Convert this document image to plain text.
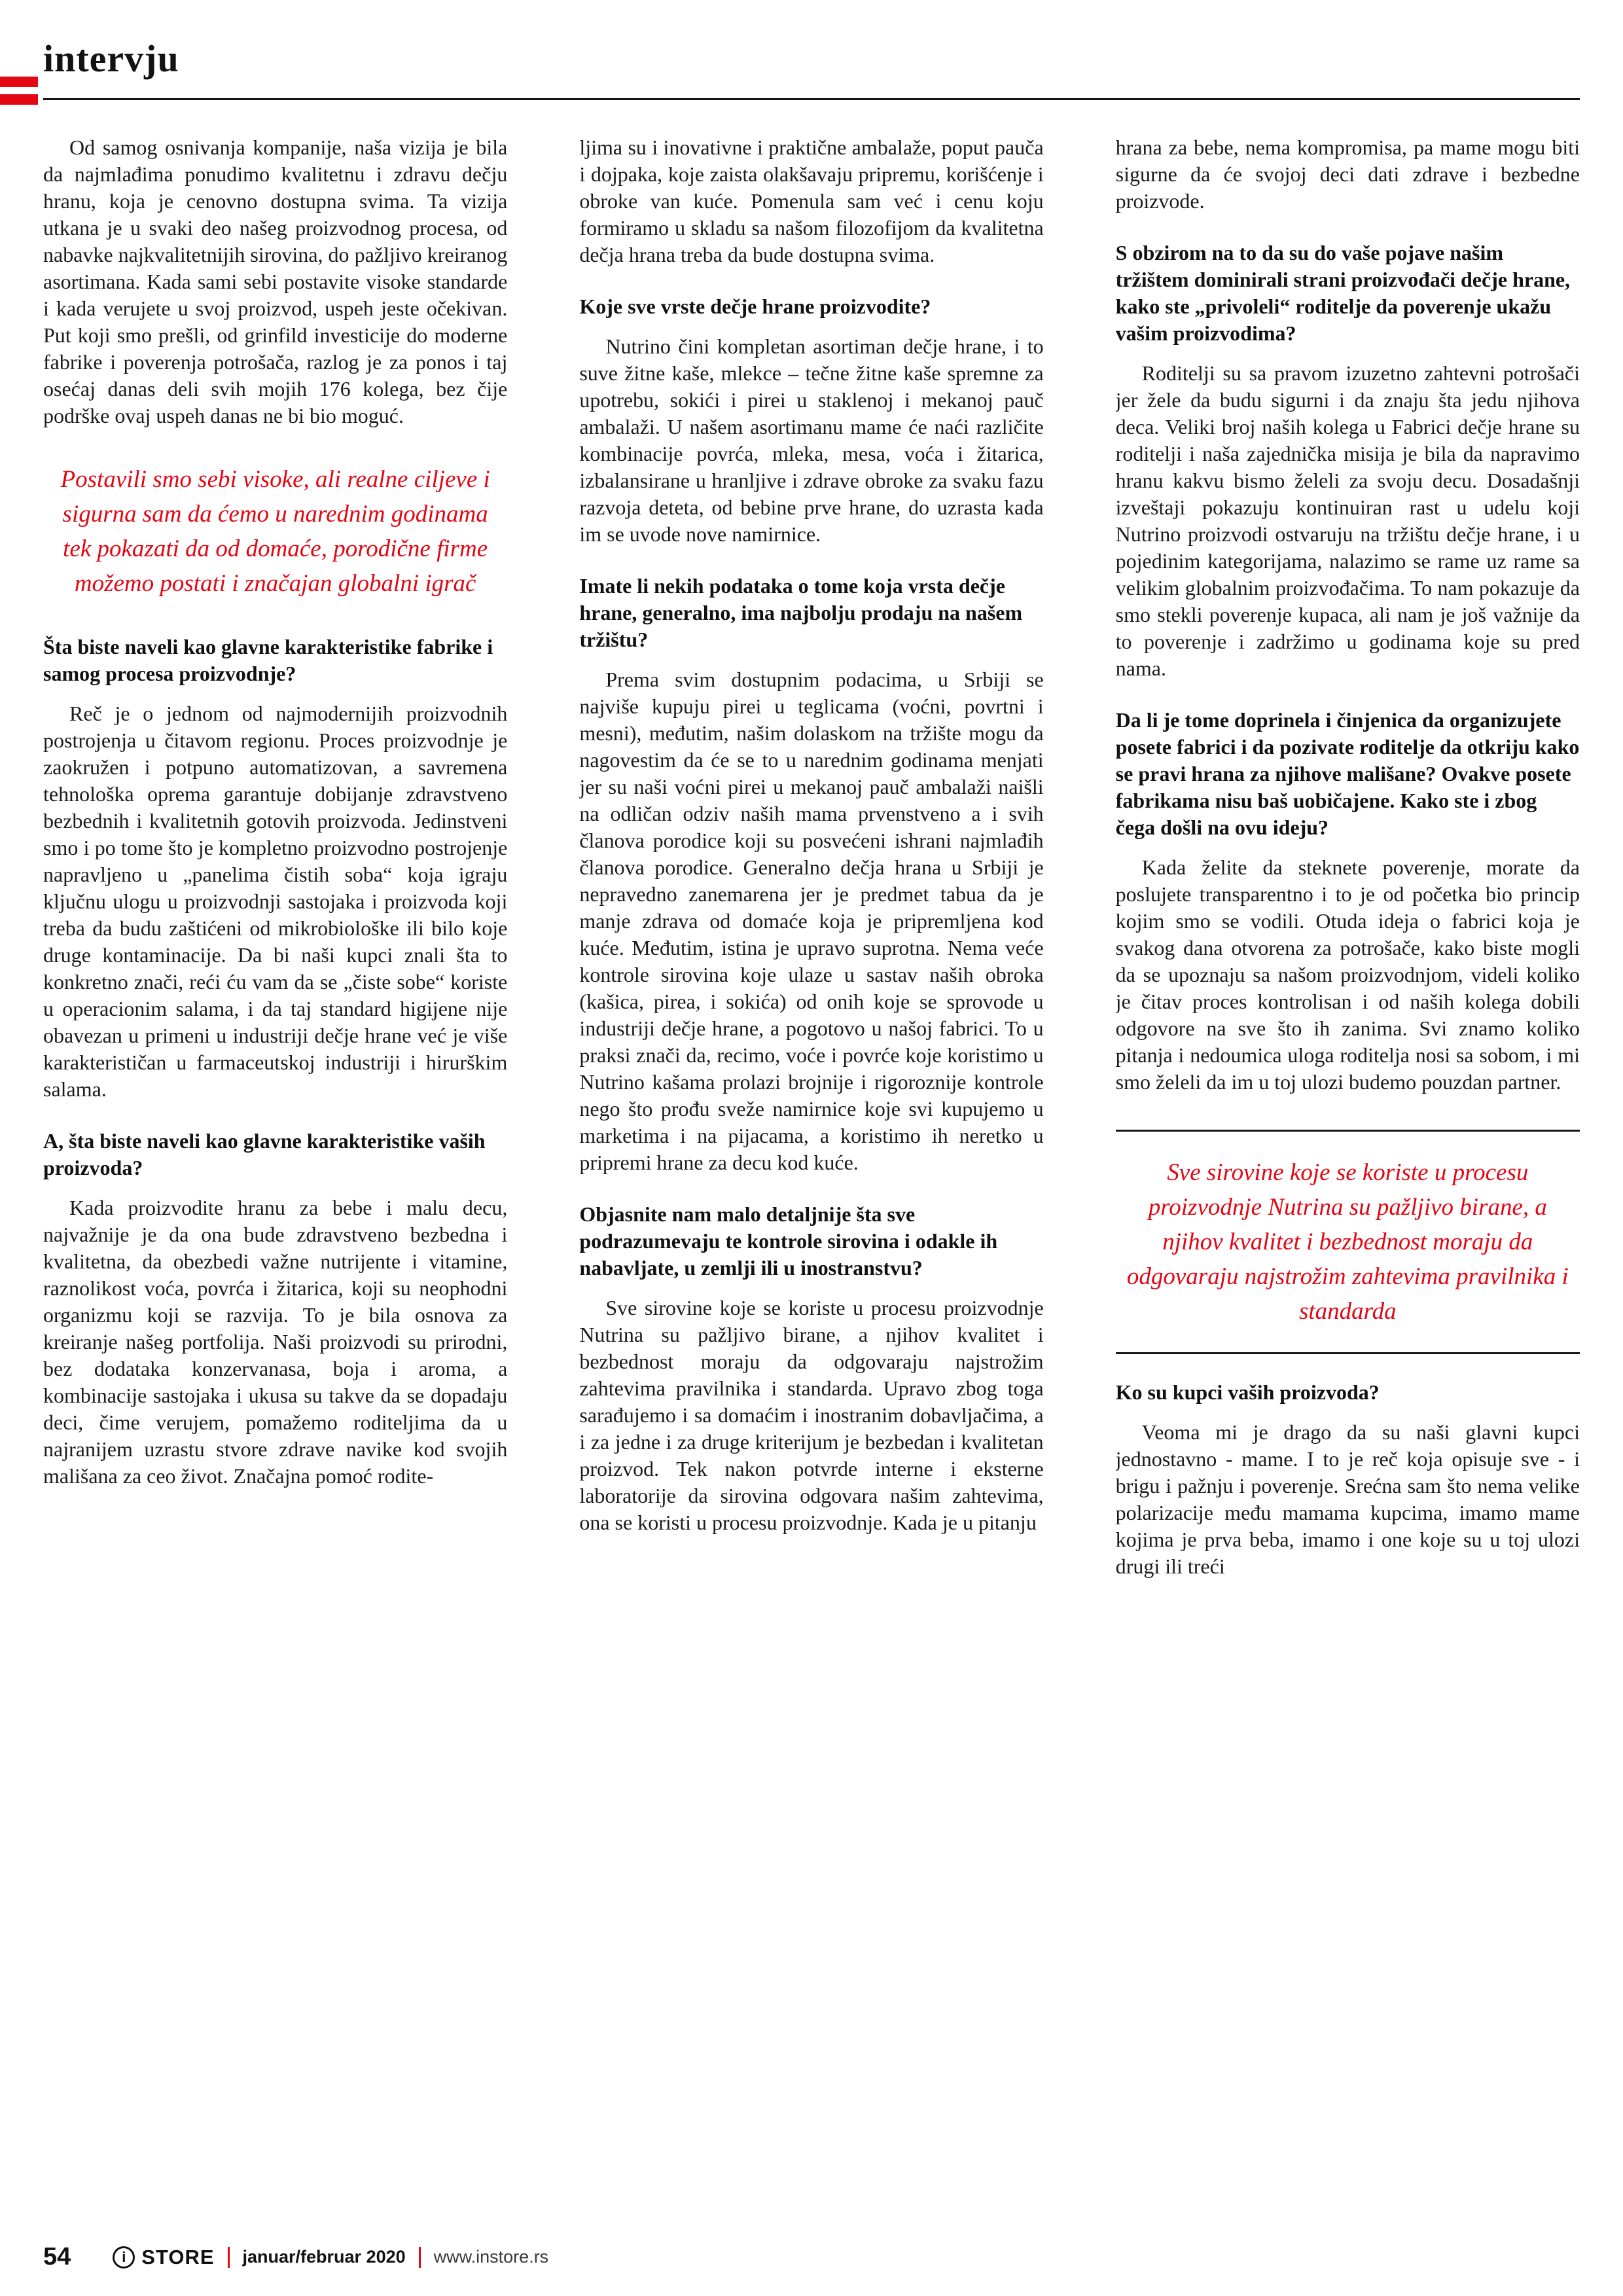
intervju

Od samog osnivanja kompanije, naša vizija je bila da najmlađima ponudimo kvalitetnu i zdravu dečju hranu, koja je cenovno dostupna svima. Ta vizija utkana je u svaki deo našeg proizvodnog procesa, od nabavke najkvalitetnijih sirovina, do pažljivo kreiranog asortimana. Kada sami sebi postavite visoke standarde i kada verujete u svoj proizvod, uspeh jeste očekivan. Put koji smo prešli, od grinfild investicije do moderne fabrike i poverenja potrošača, razlog je za ponos i taj osećaj danas deli svih mojih 176 kolega, bez čije podrške ovaj uspeh danas ne bi bio moguć.

Postavili smo sebi visoke, ali realne ciljeve i sigurna sam da ćemo u narednim godinama tek pokazati da od domaće, porodične firme možemo postati i značajan globalni igrač
Šta biste naveli kao glavne karakteristike fabrike i samog procesa proizvodnje?

Reč je o jednom od najmodernijih proizvodnih postrojenja u čitavom regionu. Proces proizvodnje je zaokružen i potpuno automatizovan, a savremena tehnološka oprema garantuje dobijanje zdravstveno bezbednih i kvalitetnih gotovih proizvoda. Jedinstveni smo i po tome što je kompletno proizvodno postrojenje napravljeno u „panelima čistih soba“ koja igraju ključnu ulogu u proizvodnji sastojaka i proizvoda koji treba da budu zaštićeni od mikrobiološke ili bilo koje druge kontaminacije. Da bi naši kupci znali šta to konkretno znači, reći ću vam da se „čiste sobe“ koriste u operacionim salama, i da taj standard higijene nije obavezan u primeni u industriji dečje hrane već je više karakterističan u farmaceutskoj industriji i hirurškim salama.

A, šta biste naveli kao glavne karakteristike vaših proizvoda?

Kada proizvodite hranu za bebe i malu decu, najvažnije je da ona bude zdravstveno bezbedna i kvalitetna, da obezbedi važne nutrijente i vitamine, raznolikost voća, povrća i žitarica, koji su neophodni organizmu koji se razvija. To je bila osnova za kreiranje našeg portfolija. Naši proizvodi su prirodni, bez dodataka konzervanasa, boja i aroma, a kombinacije sastojaka i ukusa su takve da se dopadaju deci, čime verujem, pomažemo roditeljima da u najranijem uzrastu stvore zdrave navike kod svojih mališana za ceo život. Značajna pomoć rodite-

ljima su i inovativne i praktične ambalaže, poput pauča i dojpaka, koje zaista olakšavaju pripremu, korišćenje i obroke van kuće. Pomenula sam već i cenu koju formiramo u skladu sa našom filozofijom da kvalitetna dečja hrana treba da bude dostupna svima.

Koje sve vrste dečje hrane proizvodite?

Nutrino čini kompletan asortiman dečje hrane, i to suve žitne kaše, mlekce – tečne žitne kaše spremne za upotrebu, sokići i pirei u staklenoj i mekanoj pauč ambalaži. U našem asortimanu mame će naći različite kombinacije povrća, mleka, mesa, voća i žitarica, izbalansirane u hranljive i zdrave obroke za svaku fazu razvoja deteta, od bebine prve hrane, do uzrasta kada im se uvode nove namirnice.

Imate li nekih podataka o tome koja vrsta dečje hrane, generalno, ima najbolju prodaju na našem tržištu?

Prema svim dostupnim podacima, u Srbiji se najviše kupuju pirei u teglicama (voćni, povrtni i mesni), međutim, našim dolaskom na tržište mogu da nagovestim da će se to u narednim godinama menjati jer su naši voćni pirei u mekanoj pauč ambalaži naišli na odličan odziv naših mama prvenstveno a i svih članova porodice koji su posvećeni ishrani najmlađih članova porodice. Generalno dečja hrana u Srbiji je nepravedno zanemarena jer je predmet tabua da je manje zdrava od domaće koja je pripremljena kod kuće. Međutim, istina je upravo suprotna. Nema veće kontrole sirovina koje ulaze u sastav naših obroka (kašica, pirea, i sokića) od onih koje se sprovode u industriji dečje hrane, a pogotovo u našoj fabrici. To u praksi znači da, recimo, voće i povrće koje koristimo u Nutrino kašama prolazi brojnije i rigoroznije kontrole nego što prođu sveže namirnice koje svi kupujemo u marketima i na pijacama, a koristimo ih neretko u pripremi hrane za decu kod kuće.

Objasnite nam malo detaljnije šta sve podrazumevaju te kontrole sirovina i odakle ih nabavljate, u zemlji ili u inostranstvu?

Sve sirovine koje se koriste u procesu proizvodnje Nutrina su pažljivo birane, a njihov kvalitet i bezbednost moraju da odgovaraju najstrožim zahtevima pravilnika i standarda. Upravo zbog toga sarađujemo i sa domaćim i inostranim dobavljačima, a i za jedne i za druge kriterijum je bezbedan i kvalitetan proizvod. Tek nakon potvrde interne i eksterne laboratorije da sirovina odgovara našim zahtevima, ona se koristi u procesu proizvodnje. Kada je u pitanju

hrana za bebe, nema kompromisa, pa mame mogu biti sigurne da će svojoj deci dati zdrave i bezbedne proizvode.

S obzirom na to da su do vaše pojave našim tržištem dominirali strani proizvođači dečje hrane, kako ste „privoleli“ roditelje da poverenje ukažu vašim proizvodima?

Roditelji su sa pravom izuzetno zahtevni potrošači jer žele da budu sigurni i da znaju šta jedu njihova deca. Veliki broj naših kolega u Fabrici dečje hrane su roditelji i naša zajednička misija je bila da napravimo hranu kakvu bismo želeli za svoju decu. Dosadašnji izveštaji pokazuju kontinuiran rast u udelu koji Nutrino proizvodi ostvaruju na tržištu dečje hrane, i u pojedinim kategorijama, nalazimo se rame uz rame sa velikim globalnim proizvođačima. To nam pokazuje da smo stekli poverenje kupaca, ali nam je još važnije da to poverenje i zadržimo u godinama koje su pred nama.

Da li je tome doprinela i činjenica da organizujete posete fabrici i da pozivate roditelje da otkriju kako se pravi hrana za njihove mališane? Ovakve posete fabrikama nisu baš uobičajene. Kako ste i zbog čega došli na ovu ideju?

Kada želite da steknete poverenje, morate da poslujete transparentno i to je od početka bio princip kojim smo se vodili. Otuda ideja o fabrici koja je svakog dana otvorena za potrošače, kako biste mogli da se upoznaju sa našom proizvodnjom, videli koliko je čitav proces kontrolisan i od naših kolega dobili odgovore na sve što ih zanima. Svi znamo koliko pitanja i nedoumica uloga roditelja nosi sa sobom, i mi smo želeli da im u toj ulozi budemo pouzdan partner.

Sve sirovine koje se koriste u procesu proizvodnje Nutrina su pažljivo birane, a njihov kvalitet i bezbednost moraju da odgovaraju najstrožim zahtevima pravilnika i standarda
Ko su kupci vaših proizvoda?

Veoma mi je drago da su naši glavni kupci jednostavno - mame. I to je reč koja opisuje sve - i brigu i pažnju i poverenje. Srećna sam što nema velike polarizacije među mamama kupcima, imamo mame kojima je prva beba, imamo i one koje su u toj ulozi drugi ili treći

54	i STORE januar/februar 2020 www.instore.rs
